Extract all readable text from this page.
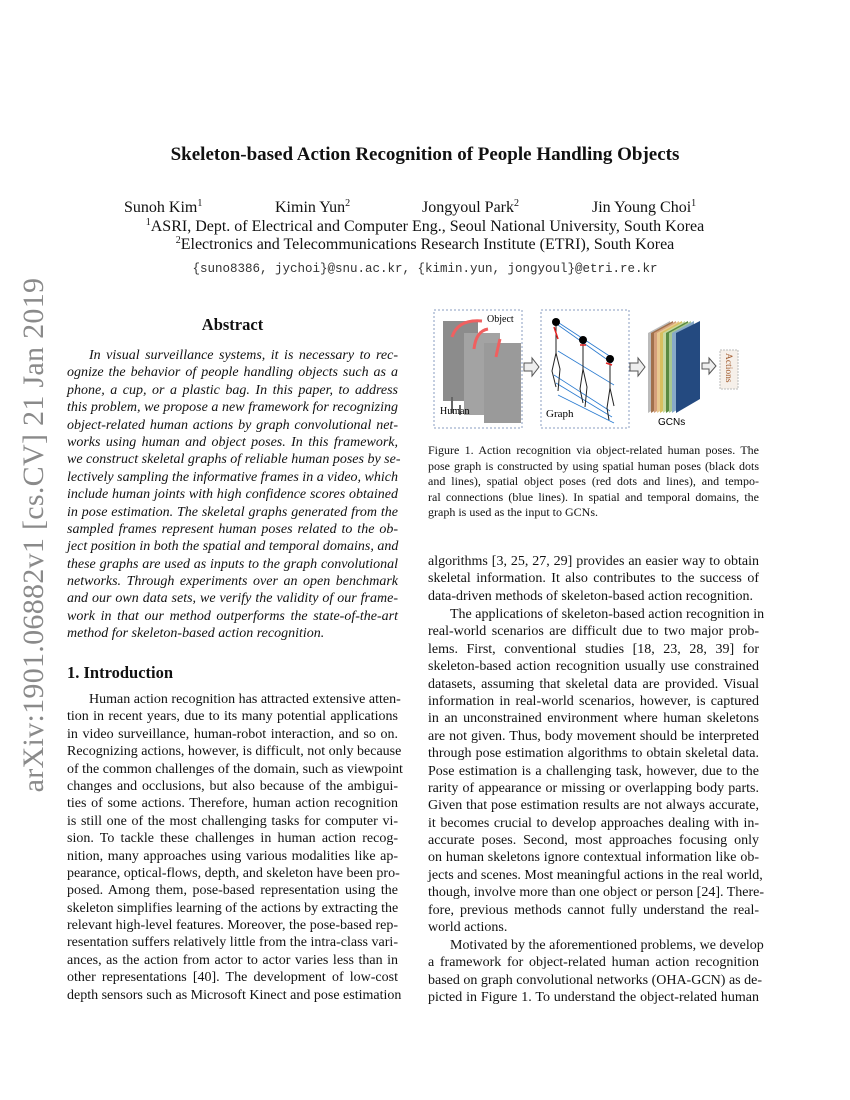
arXiv:1901.06882v1 [cs.CV] 21 Jan 2019
Skeleton-based Action Recognition of People Handling Objects
Sunoh Kim$^1$	Kimin Yun$^2$	Jongyoul Park$^2$	Jin Young Choi$^1$
$^1$ASRI, Dept. of Electrical and Computer Eng., Seoul National University, South Korea
$^2$Electronics and Telecommunications Research Institute (ETRI), South Korea
{suno8386, jychoi}@snu.ac.kr, {kimin.yun, jongyoul}@etri.re.kr
Abstract
In visual surveillance systems, it is necessary to rec-
ognize the behavior of people handling objects such as a
phone, a cup, or a plastic bag. In this paper, to address
this problem, we propose a new framework for recognizing
object-related human actions by graph convolutional net-
works using human and object poses. In this framework,
we construct skeletal graphs of reliable human poses by se-
lectively sampling the informative frames in a video, which
include human joints with high confidence scores obtained
in pose estimation. The skeletal graphs generated from the
sampled frames represent human poses related to the ob-
ject position in both the spatial and temporal domains, and
these graphs are used as inputs to the graph convolutional
networks. Through experiments over an open benchmark
and our own data sets, we verify the validity of our frame-
work in that our method outperforms the state-of-the-art
method for skeleton-based action recognition.
1. Introduction
Human action recognition has attracted extensive atten-
tion in recent years, due to its many potential applications
in video surveillance, human-robot interaction, and so on.
Recognizing actions, however, is difficult, not only because
of the common challenges of the domain, such as viewpoint
changes and occlusions, but also because of the ambigui-
ties of some actions. Therefore, human action recognition
is still one of the most challenging tasks for computer vi-
sion. To tackle these challenges in human action recog-
nition, many approaches using various modalities like ap-
pearance, optical-flows, depth, and skeleton have been pro-
posed. Among them, pose-based representation using the
skeleton simplifies learning of the actions by extracting the
relevant high-level features. Moreover, the pose-based rep-
resentation suffers relatively little from the intra-class vari-
ances, as the action from actor to actor varies less than in
other representations [40]. The development of low-cost
depth sensors such as Microsoft Kinect and pose estimation
Object
Human	Graph
GCNs
Actions
Figure 1. Action recognition via object-related human poses. The
pose graph is constructed by using spatial human poses (black dots
and lines), spatial object poses (red dots and lines), and tempo-
ral connections (blue lines). In spatial and temporal domains, the
graph is used as the input to GCNs.
algorithms [3, 25, 27, 29] provides an easier way to obtain
skeletal information. It also contributes to the success of
data-driven methods of skeleton-based action recognition.
The applications of skeleton-based action recognition in
real-world scenarios are difficult due to two major prob-
lems. First, conventional studies [18, 23, 28, 39] for
skeleton-based action recognition usually use constrained
datasets, assuming that skeletal data are provided. Visual
information in real-world scenarios, however, is captured
in an unconstrained environment where human skeletons
are not given. Thus, body movement should be interpreted
through pose estimation algorithms to obtain skeletal data.
Pose estimation is a challenging task, however, due to the
rarity of appearance or missing or overlapping body parts.
Given that pose estimation results are not always accurate,
it becomes crucial to develop approaches dealing with in-
accurate poses. Second, most approaches focusing only
on human skeletons ignore contextual information like ob-
jects and scenes. Most meaningful actions in the real world,
though, involve more than one object or person [24]. There-
fore, previous methods cannot fully understand the real-
world actions.
Motivated by the aforementioned problems, we develop
a framework for object-related human action recognition
based on graph convolutional networks (OHA-GCN) as de-
picted in Figure 1. To understand the object-related human
